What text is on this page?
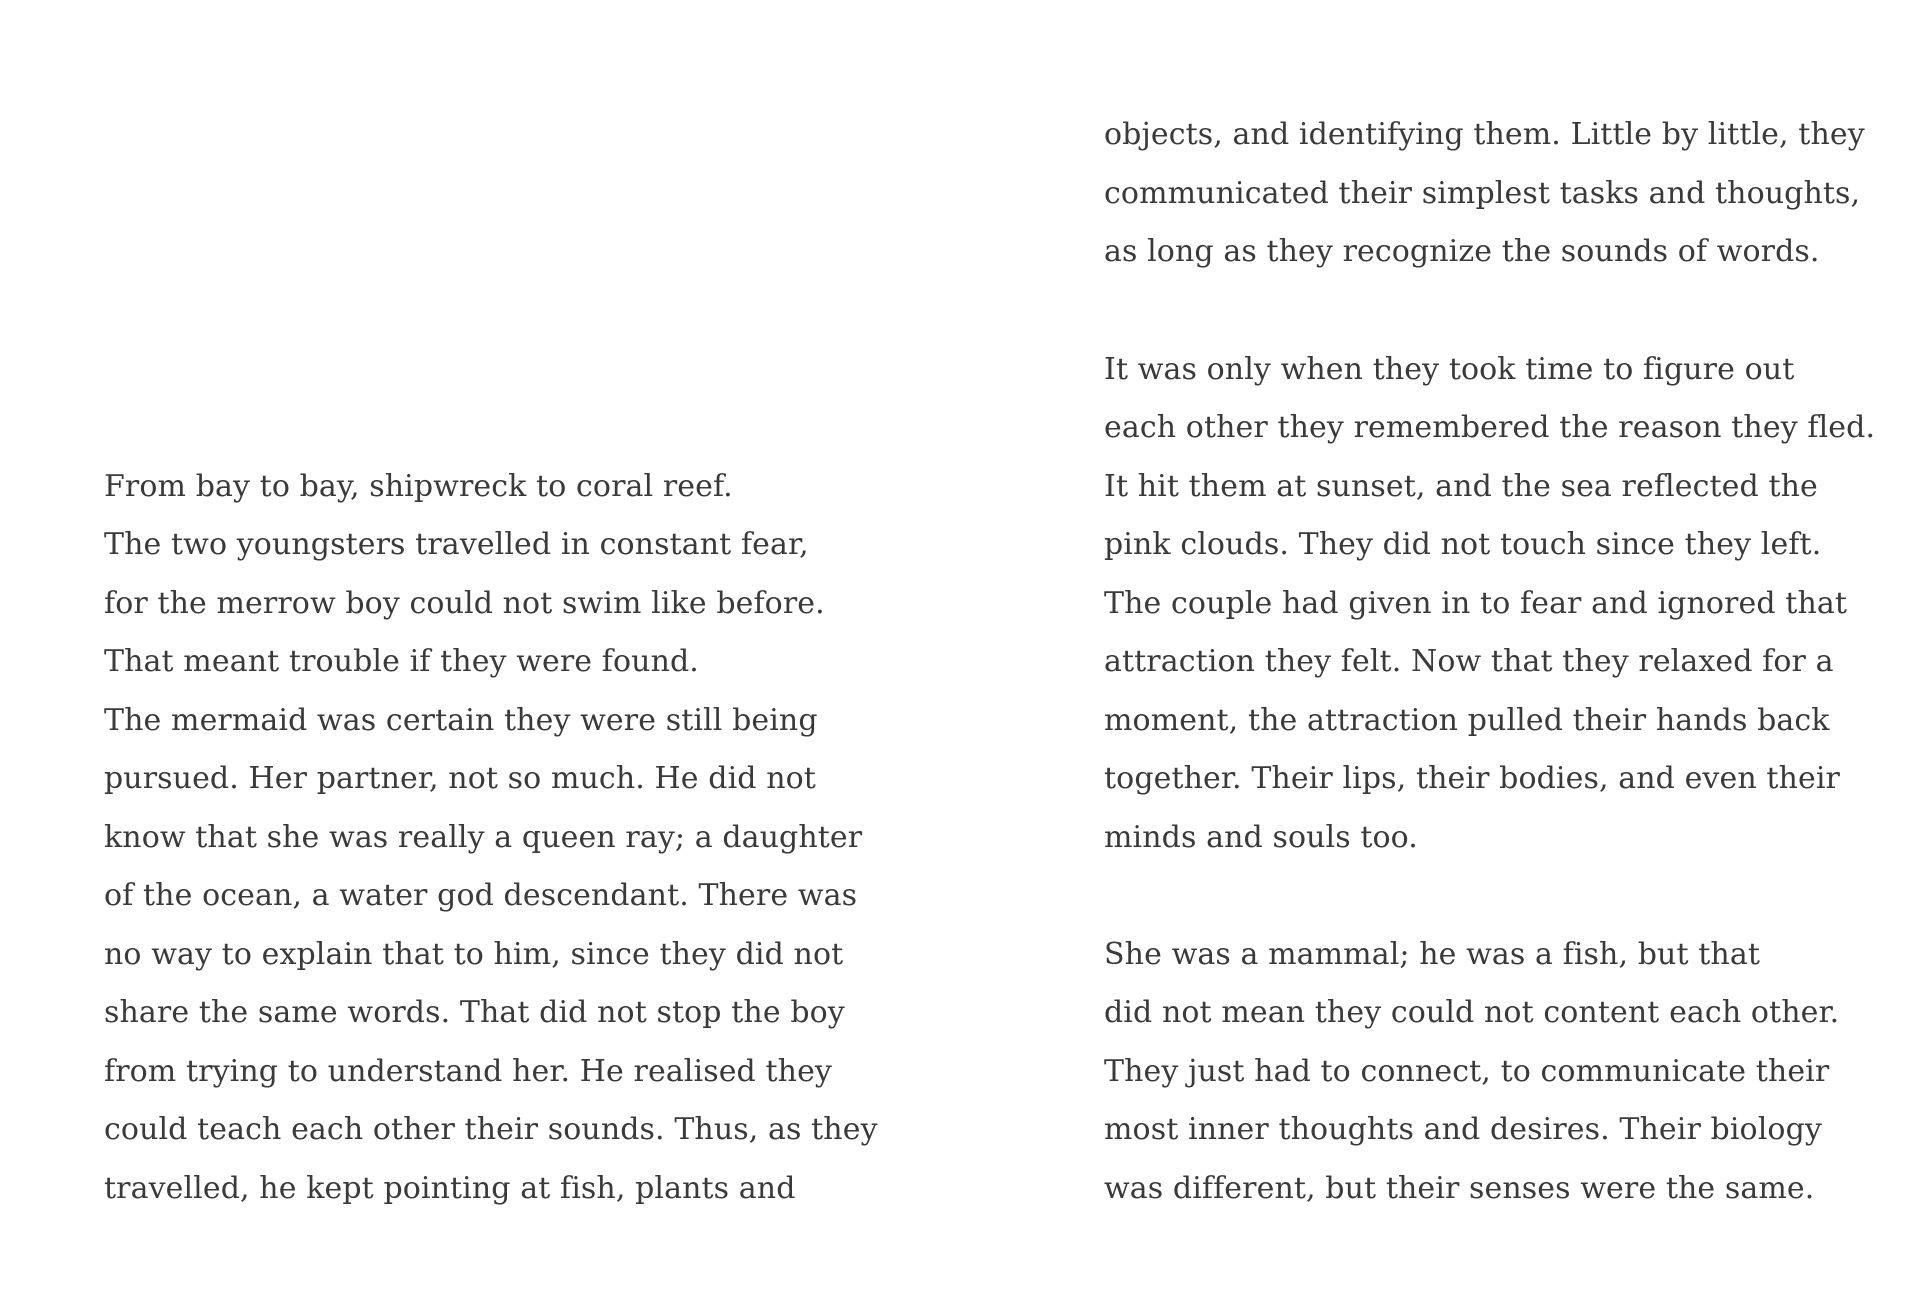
From bay to bay, shipwreck to coral reef.
The two youngsters travelled in constant fear,
for the merrow boy could not swim like before.
That meant trouble if they were found.
The mermaid was certain they were still being
pursued. Her partner, not so much. He did not
know that she was really a queen ray; a daughter
of the ocean, a water god descendant. There was
no way to explain that to him, since they did not
share the same words. That did not stop the boy
from trying to understand her. He realised they
could teach each other their sounds. Thus, as they
travelled, he kept pointing at fish, plants and
objects, and identifying them. Little by little, they
communicated their simplest tasks and thoughts,
as long as they recognize the sounds of words.
It was only when they took time to figure out
each other they remembered the reason they fled.
It hit them at sunset, and the sea reflected the
pink clouds. They did not touch since they left.
The couple had given in to fear and ignored that
attraction they felt. Now that they relaxed for a
moment, the attraction pulled their hands back
together. Their lips, their bodies, and even their
minds and souls too.
She was a mammal; he was a fish, but that
did not mean they could not content each other.
They just had to connect, to communicate their
most inner thoughts and desires. Their biology
was different, but their senses were the same.
